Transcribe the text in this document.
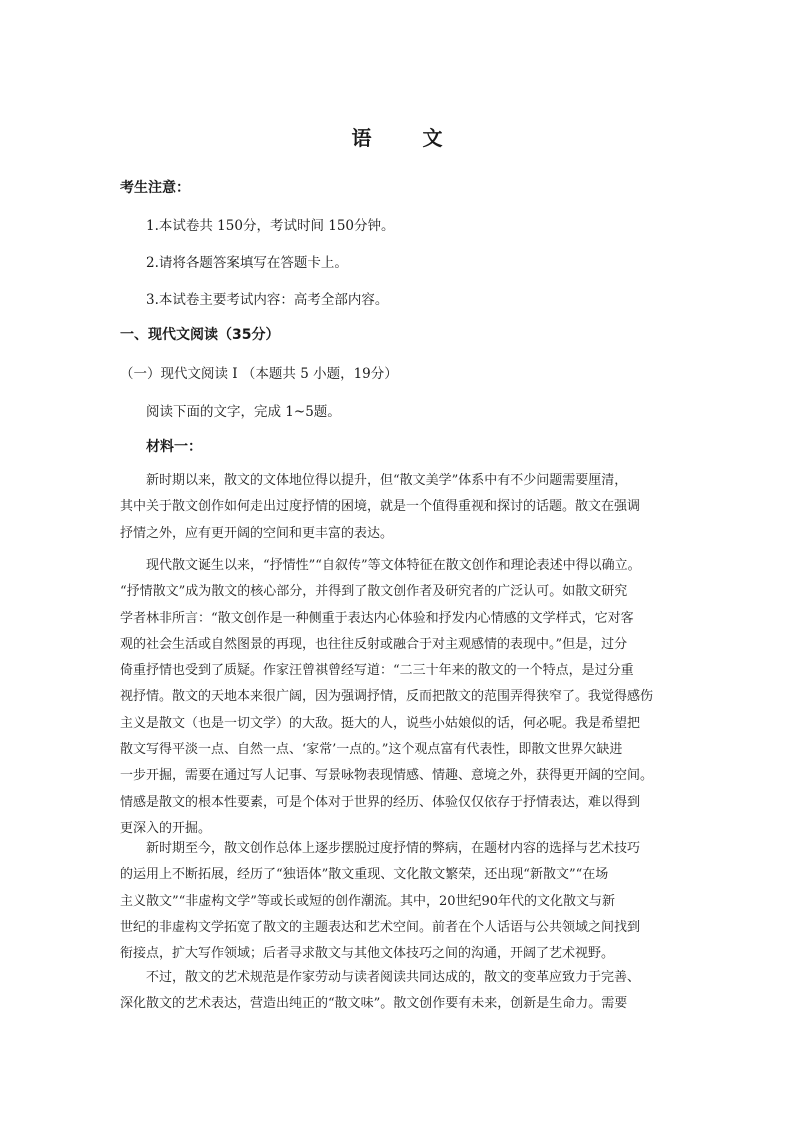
语 文
考生注意：
1.本试卷共 150分，考试时间 150分钟。
2.请将各题答案填写在答题卡上。
3.本试卷主要考试内容：高考全部内容。
一、现代文阅读（35分）
（一）现代文阅读 I （本题共 5 小题，19分）
阅读下面的文字，完成 1~5题。
材料一：
新时期以来，散文的文体地位得以提升，但“散文美学”体系中有不少问题需要厘清，
其中关于散文创作如何走出过度抒情的困境，就是一个值得重视和探讨的话题。散文在强调
抒情之外，应有更开阔的空间和更丰富的表达。
现代散文诞生以来，“抒情性”“自叙传”等文体特征在散文创作和理论表述中得以确立。
“抒情散文”成为散文的核心部分，并得到了散文创作者及研究者的广泛认可。如散文研究
学者林非所言：“散文创作是一种侧重于表达内心体验和抒发内心情感的文学样式，它对客
观的社会生活或自然图景的再现，也往往反射或融合于对主观感情的表现中。”但是，过分
倚重抒情也受到了质疑。作家汪曾祺曾经写道：“二三十年来的散文的一个特点，是过分重
视抒情。散文的天地本来很广阔，因为强调抒情，反而把散文的范围弄得狭窄了。我觉得感伤
主义是散文（也是一切文学）的大敌。挺大的人，说些小姑娘似的话，何必呢。我是希望把
散文写得平淡一点、自然一点、‘家常’一点的。”这个观点富有代表性，即散文世界欠缺进
一步开掘，需要在通过写人记事、写景咏物表现情感、情趣、意境之外，获得更开阔的空间。
情感是散文的根本性要素，可是个体对于世界的经历、体验仅仅依存于抒情表达，难以得到
更深入的开掘。
新时期至今，散文创作总体上逐步摆脱过度抒情的弊病，在题材内容的选择与艺术技巧
的运用上不断拓展，经历了“独语体”散文重现、文化散文繁荣，还出现“新散文”“在场
主义散文”“非虚构文学”等或长或短的创作潮流。其中，20世纪90年代的文化散文与新
世纪的非虚构文学拓宽了散文的主题表达和艺术空间。前者在个人话语与公共领域之间找到
衔接点，扩大写作领域；后者寻求散文与其他文体技巧之间的沟通，开阔了艺术视野。
不过，散文的艺术规范是作家劳动与读者阅读共同达成的，散文的变革应致力于完善、
深化散文的艺术表达，营造出纯正的“散文味”。散文创作要有未来，创新是生命力。需要
